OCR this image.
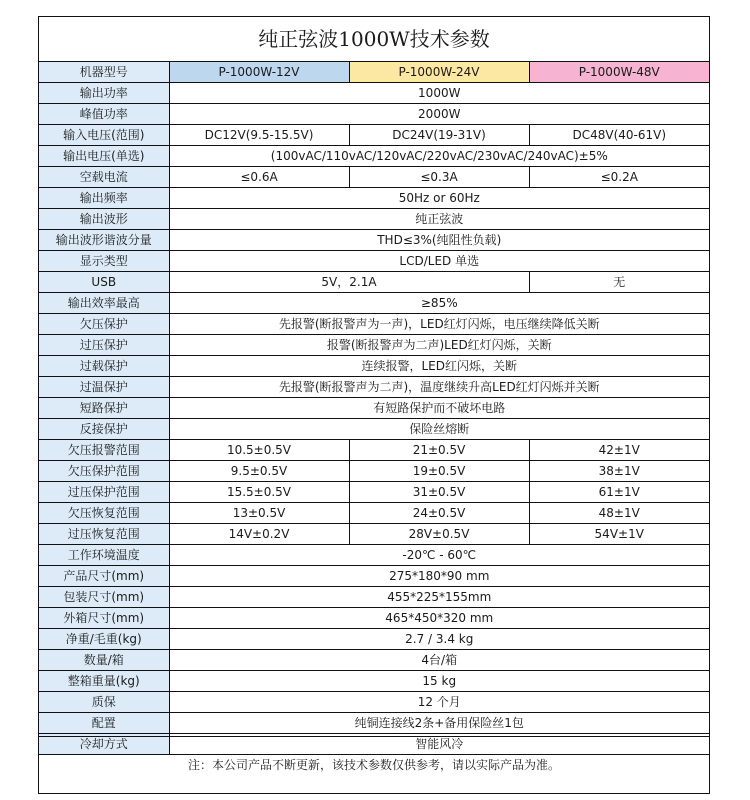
纯正弦波1000W技术参数
机器型号	P-1000W-12V	P-1000W-24V	P-1000W-48V
输出功率	1000W		
峰值功率	2000W		
输入电压(范围)	DC12V(9.5-15.5V)	DC24V(19-31V)	DC48V(40-61V)
输出电压(单选)	(100vAC/110vAC/120vAC/220vAC/230vAC/240vAC)±5%		
空载电流	≤0.6A	≤0.3A	≤0.2A
输出频率	50Hz or 60Hz		
输出波形	纯正弦波		
输出波形谐波分量	THD≤3%(纯阻性负载)		
显示类型	LCD/LED 单选		
USB	5V，2.1A		无
输出效率最高	≥85%		
欠压保护	先报警(断报警声为一声)，LED红灯闪烁，电压继续降低关断		
过压保护	报警(断报警声为二声)LED红灯闪烁，关断		
过载保护	连续报警，LED红闪烁，关断		
过温保护	先报警(断报警声为二声)，温度继续升高LED红灯闪烁并关断		
短路保护	有短路保护而不破坏电路		
反接保护	保险丝熔断		
欠压报警范围	10.5±0.5V	21±0.5V	42±1V
欠压保护范围	9.5±0.5V	19±0.5V	38±1V
过压保护范围	15.5±0.5V	31±0.5V	61±1V
欠压恢复范围	13±0.5V	24±0.5V	48±1V
过压恢复范围	14V±0.2V	28V±0.5V	54V±1V
工作环境温度	-20℃ - 60℃		
产品尺寸(mm)	275*180*90 mm		
包装尺寸(mm)	455*225*155mm		
外箱尺寸(mm)	465*450*320 mm		
净重/毛重(kg)	2.7 / 3.4 kg		
数量/箱	4台/箱		
整箱重量(kg)	15 kg		
质保	12 个月		
配置	纯铜连接线2条+备用保险丝1包		
冷却方式	智能风冷		
注：本公司产品不断更新，该技术参数仅供参考，请以实际产品为准。
